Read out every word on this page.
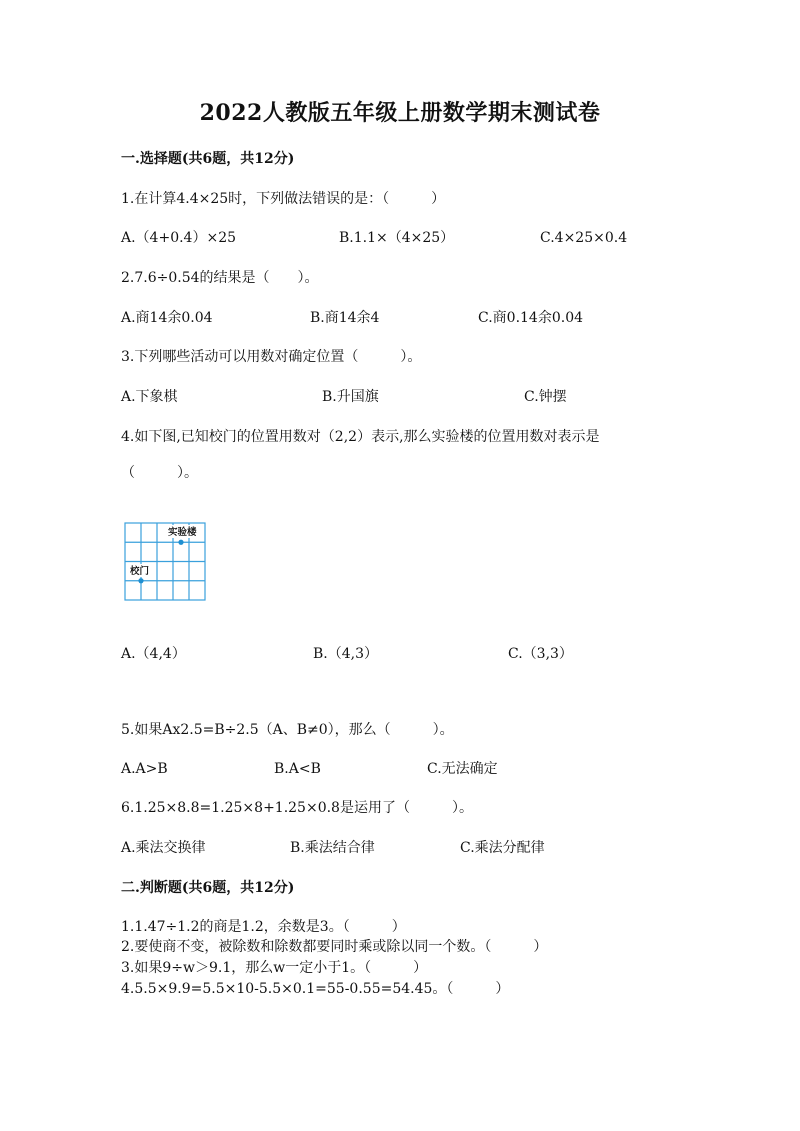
2022人教版五年级上册数学期末测试卷
一.选择题(共6题，共12分)
1.在计算4.4×25时，下列做法错误的是：（　　　）
A.（4+0.4）×25	B.1.1×（4×25）	C.4×25×0.4
2.7.6÷0.54的结果是（　　）。
A.商14余0.04	B.商14余4	C.商0.14余0.04
3.下列哪些活动可以用数对确定位置（　　　）。
A.下象棋	B.升国旗	C.钟摆
4.如下图,已知校门的位置用数对（2,2）表示,那么实验楼的位置用数对表示是
（　　　）。
实验楼
校门
A.（4,4）	B.（4,3）	C.（3,3）
5.如果Ax2.5=B÷2.5（A、B≠0），那么（　　　）。
A.A>B	B.A<B	C.无法确定
6.1.25×8.8=1.25×8+1.25×0.8是运用了（　　　）。
A.乘法交换律	B.乘法结合律	C.乘法分配律
二.判断题(共6题，共12分)
1.1.47÷1.2的商是1.2，余数是3。（　　　）
2.要使商不变，被除数和除数都要同时乘或除以同一个数。（　　　）
3.如果9÷w＞9.1，那么w一定小于1。（　　　）
4.5.5×9.9=5.5×10-5.5×0.1=55-0.55=54.45。（　　　）
